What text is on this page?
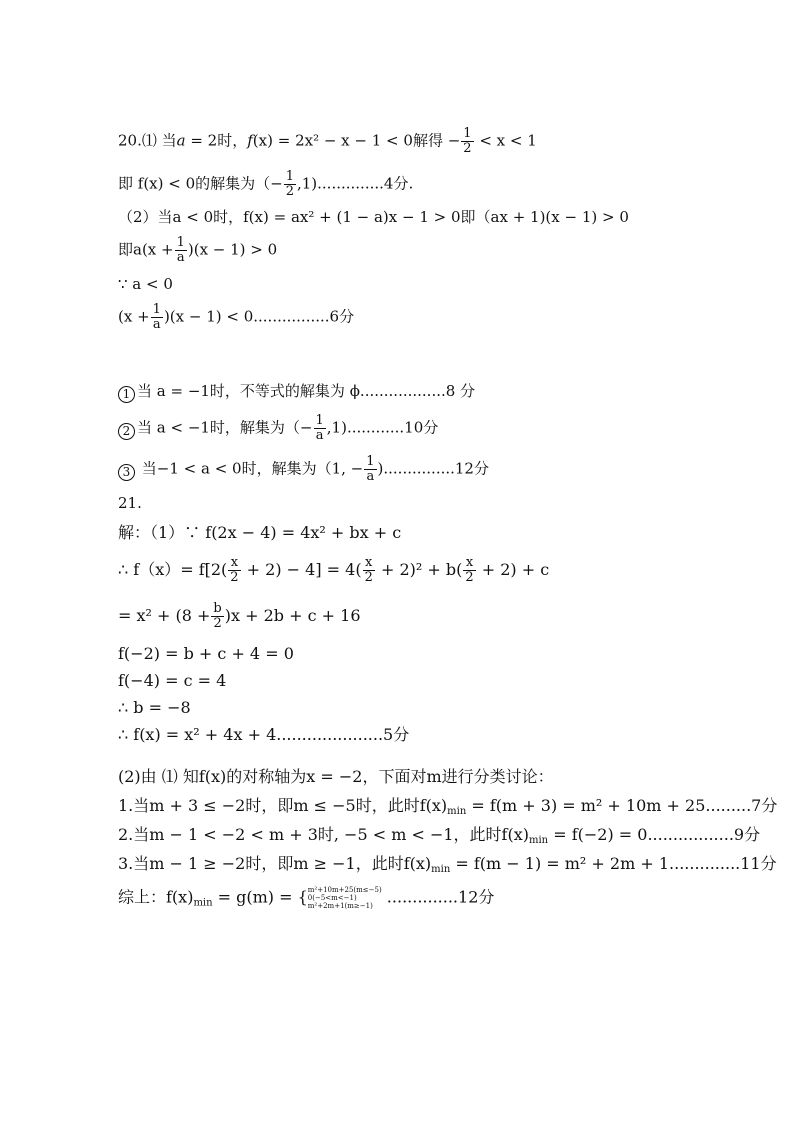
20.⑴ 当a = 2时，f(x) = 2x² − x − 1 < 0解得 − $\frac{1}{2} < x < 1$
即 f(x) < 0的解集为（− $\frac{1}{2} ,1)..............4$分.
（2）当a < 0时，f(x) = ax² + (1 − a)x − 1 > 0即（ax + 1)(x − 1) > 0
即$a(x + \frac{1}{a} )(x - 1) > 0$
∵ a < 0
$(x + \frac{1}{a} )(x - 1) < 0................6$分
1 当 a = −1时，不等式的解集为 ϕ..................8 分
2 当 a < −1时，解集为（− $\frac{1}{a} ,1)............10$分
3 当−1 < a < 0时，解集为（1, − $\frac{1}{a} )...............12$分
21.
解：（1）∵ f(2x − 4) = 4x² + bx + c
∴ $f(x)= f[2( \frac{x}{2} + 2) - 4] = 4( \frac{x}{2} + 2)^2 + b( \frac{x}{2} + 2) + c$
= $x^2 + (8 + \frac{b}{2} )x + 2b + c + 16$
f(−2) = b + c + 4 = 0
f(−4) = c = 4
∴ b = −8
∴ f(x) = x² + 4x + 4.....................5分
(2)由 ⑴ 知f(x)的对称轴为x = −2，下面对m进行分类讨论：
1.当m + 3 ≤ −2时，即m ≤ −5时，此时$f(x)_{min} = f(m + 3) = m^2 + 10m + 25.........7$分
2.当m − 1 < −2 < m + 3时, −5 < m < −1，此时$f(x)_{min} = f(-2) = 0.................9$分
3.当m − 1 ≥ −2时，即m ≥ −1，此时$f(x)_{min} = f(m - 1) = m^2 + 2m + 1..............11$分
综上：$f(x)_{min} = g(m)$ = { m²+10m+25(m≤−5)
0(−5<m<−1)
m²+2m+1(m≥−1) ..............12分
